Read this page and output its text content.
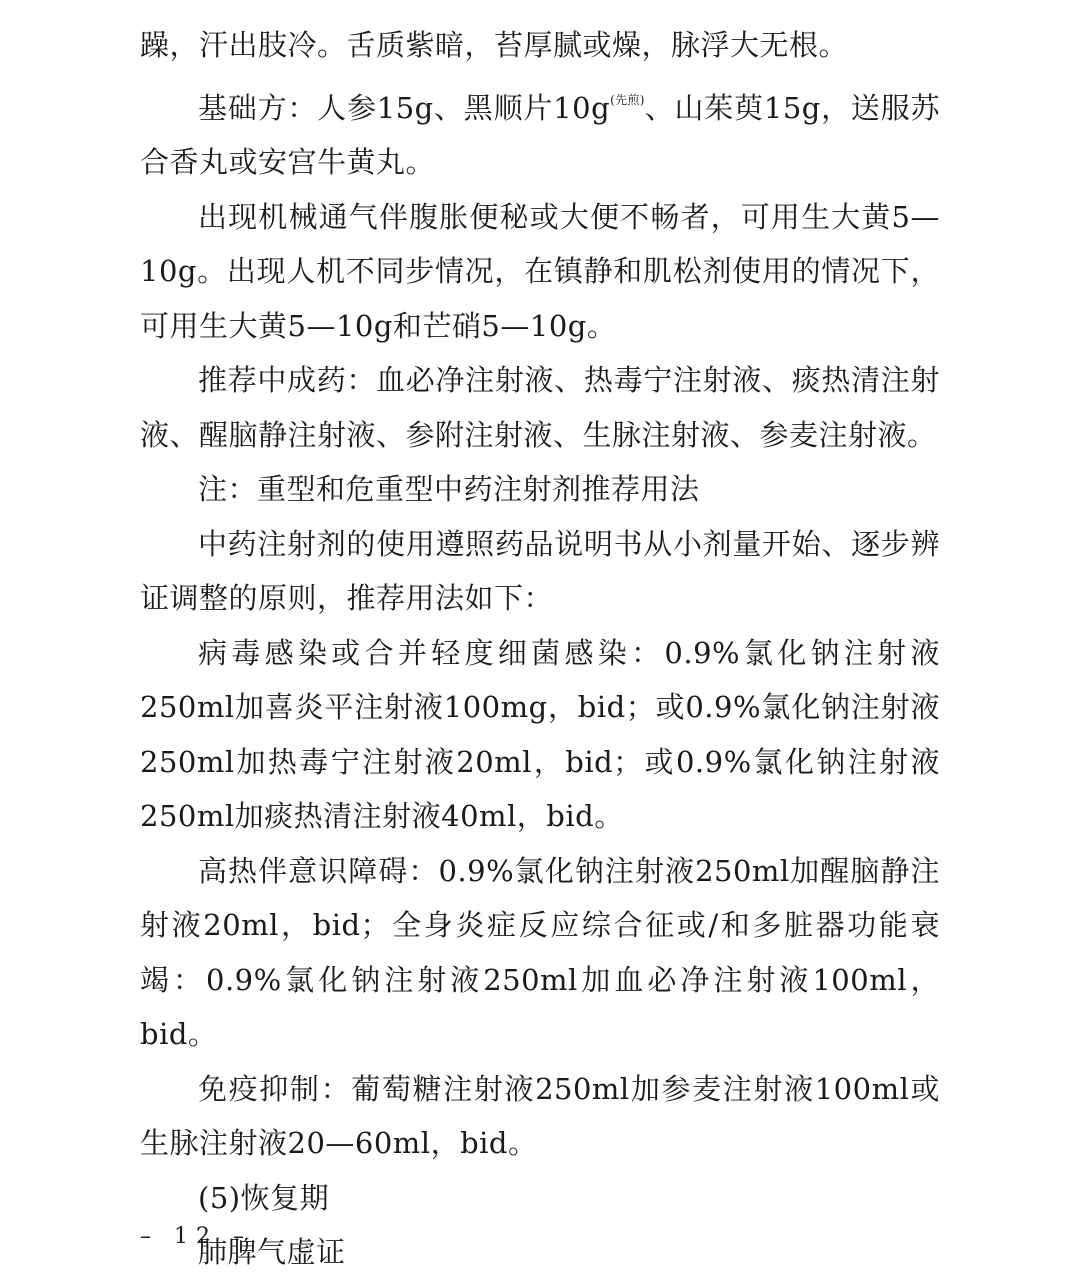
躁，汗出肢冷。舌质紫暗，苔厚腻或燥，脉浮大无根。

基础方：人参15g、黑顺片$10g^{(先煎)}$、山茱萸15g，送服苏合香丸或安宫牛黄丸。

出现机械通气伴腹胀便秘或大便不畅者，可用生大黄5—10g。出现人机不同步情况，在镇静和肌松剂使用的情况下，可用生大黄5—10g和芒硝5—10g。

推荐中成药：血必净注射液、热毒宁注射液、痰热清注射液、醒脑静注射液、参附注射液、生脉注射液、参麦注射液。

注：重型和危重型中药注射剂推荐用法

中药注射剂的使用遵照药品说明书从小剂量开始、逐步辨证调整的原则，推荐用法如下：

病毒感染或合并轻度细菌感染：0.9%氯化钠注射液250ml加喜炎平注射液100mg，bid；或0.9%氯化钠注射液250ml加热毒宁注射液20ml，bid；或0.9%氯化钠注射液250ml加痰热清注射液40ml，bid。

高热伴意识障碍：0.9%氯化钠注射液250ml加醒脑静注射液20ml，bid；全身炎症反应综合征或/和多脏器功能衰竭：0.9%氯化钠注射液250ml加血必净注射液100ml，bid。

免疫抑制：葡萄糖注射液250ml加参麦注射液100ml或生脉注射液20—60ml，bid。

(5)恢复期

肺脾气虚证

– 12 –
